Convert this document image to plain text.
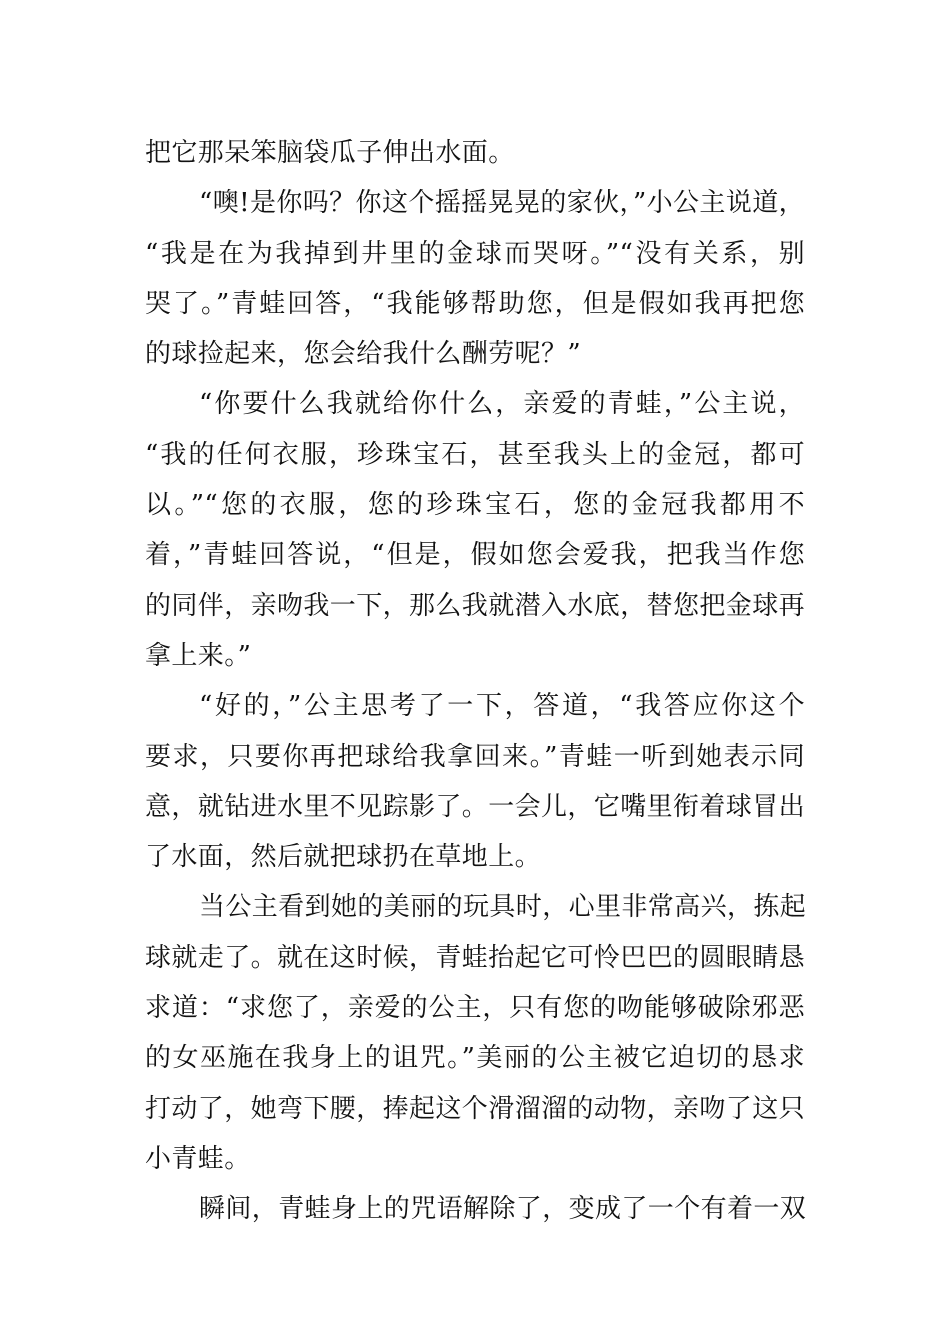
把它那呆笨脑袋瓜子伸出水面。
“噢!是你吗？你这个摇摇晃晃的家伙，”小公主说道，
“我是在为我掉到井里的金球而哭呀。”“没有关系，别
哭了。”青蛙回答，“我能够帮助您，但是假如我再把您
的球捡起来，您会给我什么酬劳呢？”
“你要什么我就给你什么，亲爱的青蛙，”公主说，
“我的任何衣服，珍珠宝石，甚至我头上的金冠，都可
以。”“您的衣服，您的珍珠宝石，您的金冠我都用不
着，”青蛙回答说，“但是，假如您会爱我，把我当作您
的同伴，亲吻我一下，那么我就潜入水底，替您把金球再
拿上来。”
“好的，”公主思考了一下，答道，“我答应你这个
要求，只要你再把球给我拿回来。”青蛙一听到她表示同
意，就钻进水里不见踪影了。一会儿，它嘴里衔着球冒出
了水面，然后就把球扔在草地上。
当公主看到她的美丽的玩具时，心里非常高兴，拣起
球就走了。就在这时候，青蛙抬起它可怜巴巴的圆眼睛恳
求道：“求您了，亲爱的公主，只有您的吻能够破除邪恶
的女巫施在我身上的诅咒。”美丽的公主被它迫切的恳求
打动了，她弯下腰，捧起这个滑溜溜的动物，亲吻了这只
小青蛙。
瞬间，青蛙身上的咒语解除了，变成了一个有着一双
